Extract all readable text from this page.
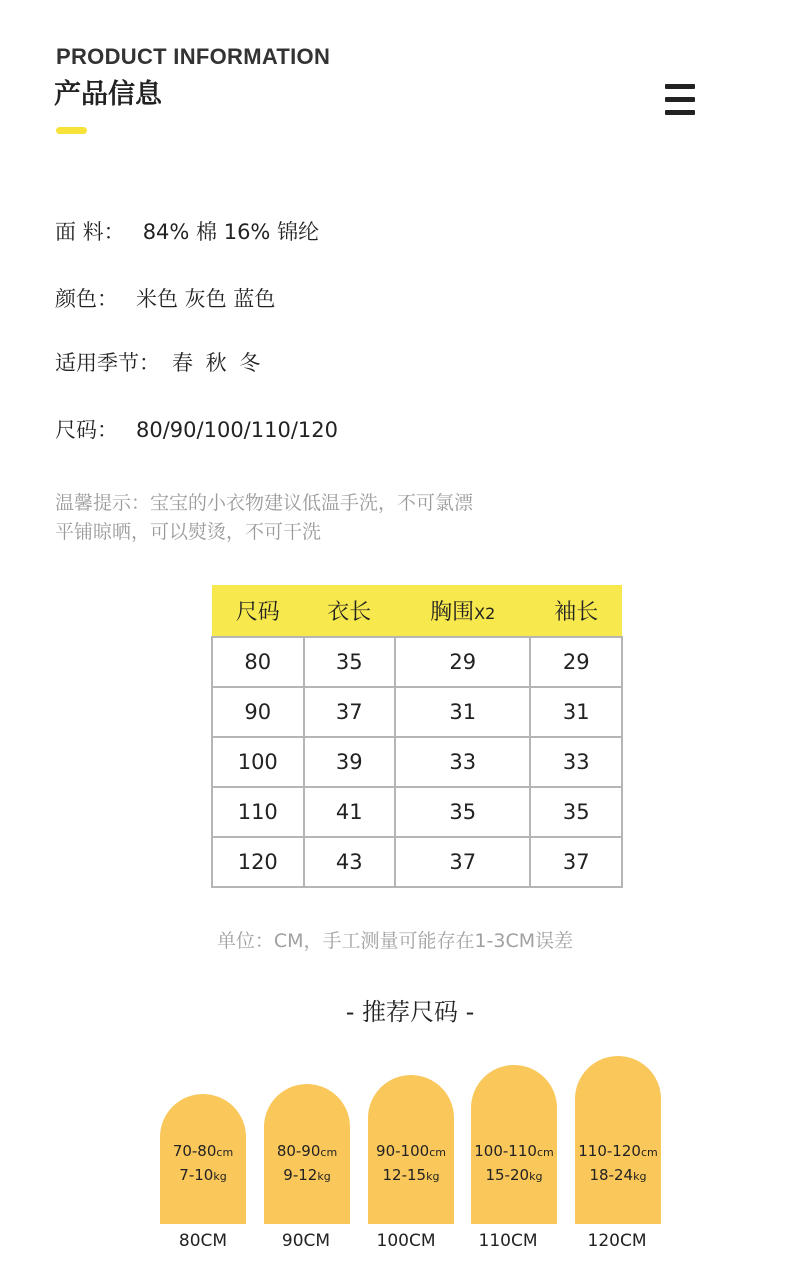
PRODUCT INFORMATION
产品信息
面 料： 84% 棉 16% 锦纶
颜色： 米色 灰色 蓝色
适用季节： 春 秋 冬
尺码： 80/90/100/110/120
温馨提示：宝宝的小衣物建议低温手洗，不可氯漂
平铺晾晒，可以熨烫，不可干洗
尺码	衣长	胸围X2	袖长
80	35	29	29
90	37	31	31
100	39	33	33
110	41	35	35
120	43	37	37
单位：CM，手工测量可能存在1-3CM误差
- 推荐尺码 -
70-80cm
7-10kg
80-90cm
9-12kg
90-100cm
12-15kg
100-110cm
15-20kg
110-120cm
18-24kg
80CM	90CM	100CM	110CM	120CM
